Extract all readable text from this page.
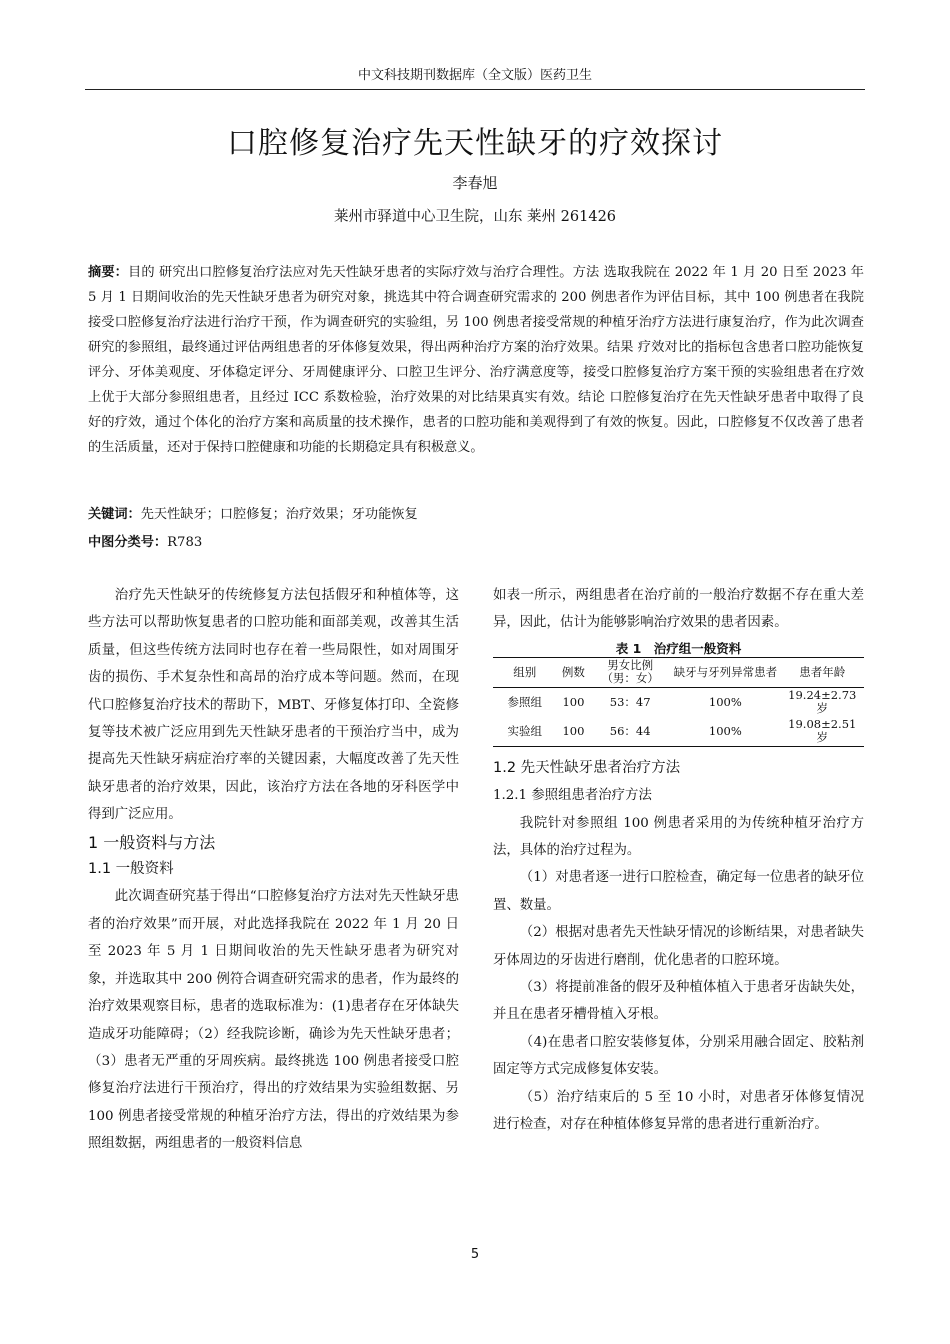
中文科技期刊数据库（全文版）医药卫生
口腔修复治疗先天性缺牙的疗效探讨
李春旭
莱州市驿道中心卫生院，山东 莱州 261426
摘要：目的 研究出口腔修复治疗法应对先天性缺牙患者的实际疗效与治疗合理性。方法 选取我院在 2022 年 1 月 20 日至 2023 年 5 月 1 日期间收治的先天性缺牙患者为研究对象，挑选其中符合调查研究需求的 200 例患者作为评估目标，其中 100 例患者在我院接受口腔修复治疗法进行治疗干预，作为调查研究的实验组，另 100 例患者接受常规的种植牙治疗方法进行康复治疗，作为此次调查研究的参照组，最终通过评估两组患者的牙体修复效果，得出两种治疗方案的治疗效果。结果 疗效对比的指标包含患者口腔功能恢复评分、牙体美观度、牙体稳定评分、牙周健康评分、口腔卫生评分、治疗满意度等，接受口腔修复治疗方案干预的实验组患者在疗效上优于大部分参照组患者，且经过 ICC 系数检验，治疗效果的对比结果真实有效。结论 口腔修复治疗在先天性缺牙患者中取得了良好的疗效，通过个体化的治疗方案和高质量的技术操作，患者的口腔功能和美观得到了有效的恢复。因此，口腔修复不仅改善了患者的生活质量，还对于保持口腔健康和功能的长期稳定具有积极意义。
关键词：先天性缺牙；口腔修复；治疗效果；牙功能恢复
中图分类号：R783

治疗先天性缺牙的传统修复方法包括假牙和种植体等，这些方法可以帮助恢复患者的口腔功能和面部美观，改善其生活质量，但这些传统方法同时也存在着一些局限性，如对周围牙齿的损伤、手术复杂性和高昂的治疗成本等问题。然而，在现代口腔修复治疗技术的帮助下，MBT、牙修复体打印、全瓷修复等技术被广泛应用到先天性缺牙患者的干预治疗当中，成为提高先天性缺牙病症治疗率的关键因素，大幅度改善了先天性缺牙患者的治疗效果，因此，该治疗方法在各地的牙科医学中得到广泛应用。

1 一般资料与方法

1.1 一般资料

此次调查研究基于得出“口腔修复治疗方法对先天性缺牙患者的治疗效果”而开展，对此选择我院在 2022 年 1 月 20 日至 2023 年 5 月 1 日期间收治的先天性缺牙患者为研究对象，并选取其中 200 例符合调查研究需求的患者，作为最终的治疗效果观察目标，患者的选取标准为：(1)患者存在牙体缺失造成牙功能障碍；（2）经我院诊断，确诊为先天性缺牙患者；（3）患者无严重的牙周疾病。最终挑选 100 例患者接受口腔修复治疗法进行干预治疗，得出的疗效结果为实验组数据、另 100 例患者接受常规的种植牙治疗方法，得出的疗效结果为参照组数据，两组患者的一般资料信息

如表一所示，两组患者在治疗前的一般治疗数据不存在重大差异，因此，估计为能够影响治疗效果的患者因素。

表 1　治疗组一般资料
组别	例数	男女比例（男：女）	缺牙与牙列异常患者	患者年龄
参照组	100	53：47	100%	19.24±2.73 岁
实验组	100	56：44	100%	19.08±2.51 岁

1.2 先天性缺牙患者治疗方法

1.2.1 参照组患者治疗方法

我院针对参照组 100 例患者采用的为传统种植牙治疗方法，具体的治疗过程为。

（1）对患者逐一进行口腔检查，确定每一位患者的缺牙位置、数量。

（2）根据对患者先天性缺牙情况的诊断结果，对患者缺失牙体周边的牙齿进行磨削，优化患者的口腔环境。

（3）将提前准备的假牙及种植体植入于患者牙齿缺失处，并且在患者牙槽骨植入牙根。

（4)在患者口腔安装修复体，分别采用融合固定、胶粘剂固定等方式完成修复体安装。

（5）治疗结束后的 5 至 10 小时，对患者牙体修复情况进行检查，对存在种植体修复异常的患者进行重新治疗。

5
